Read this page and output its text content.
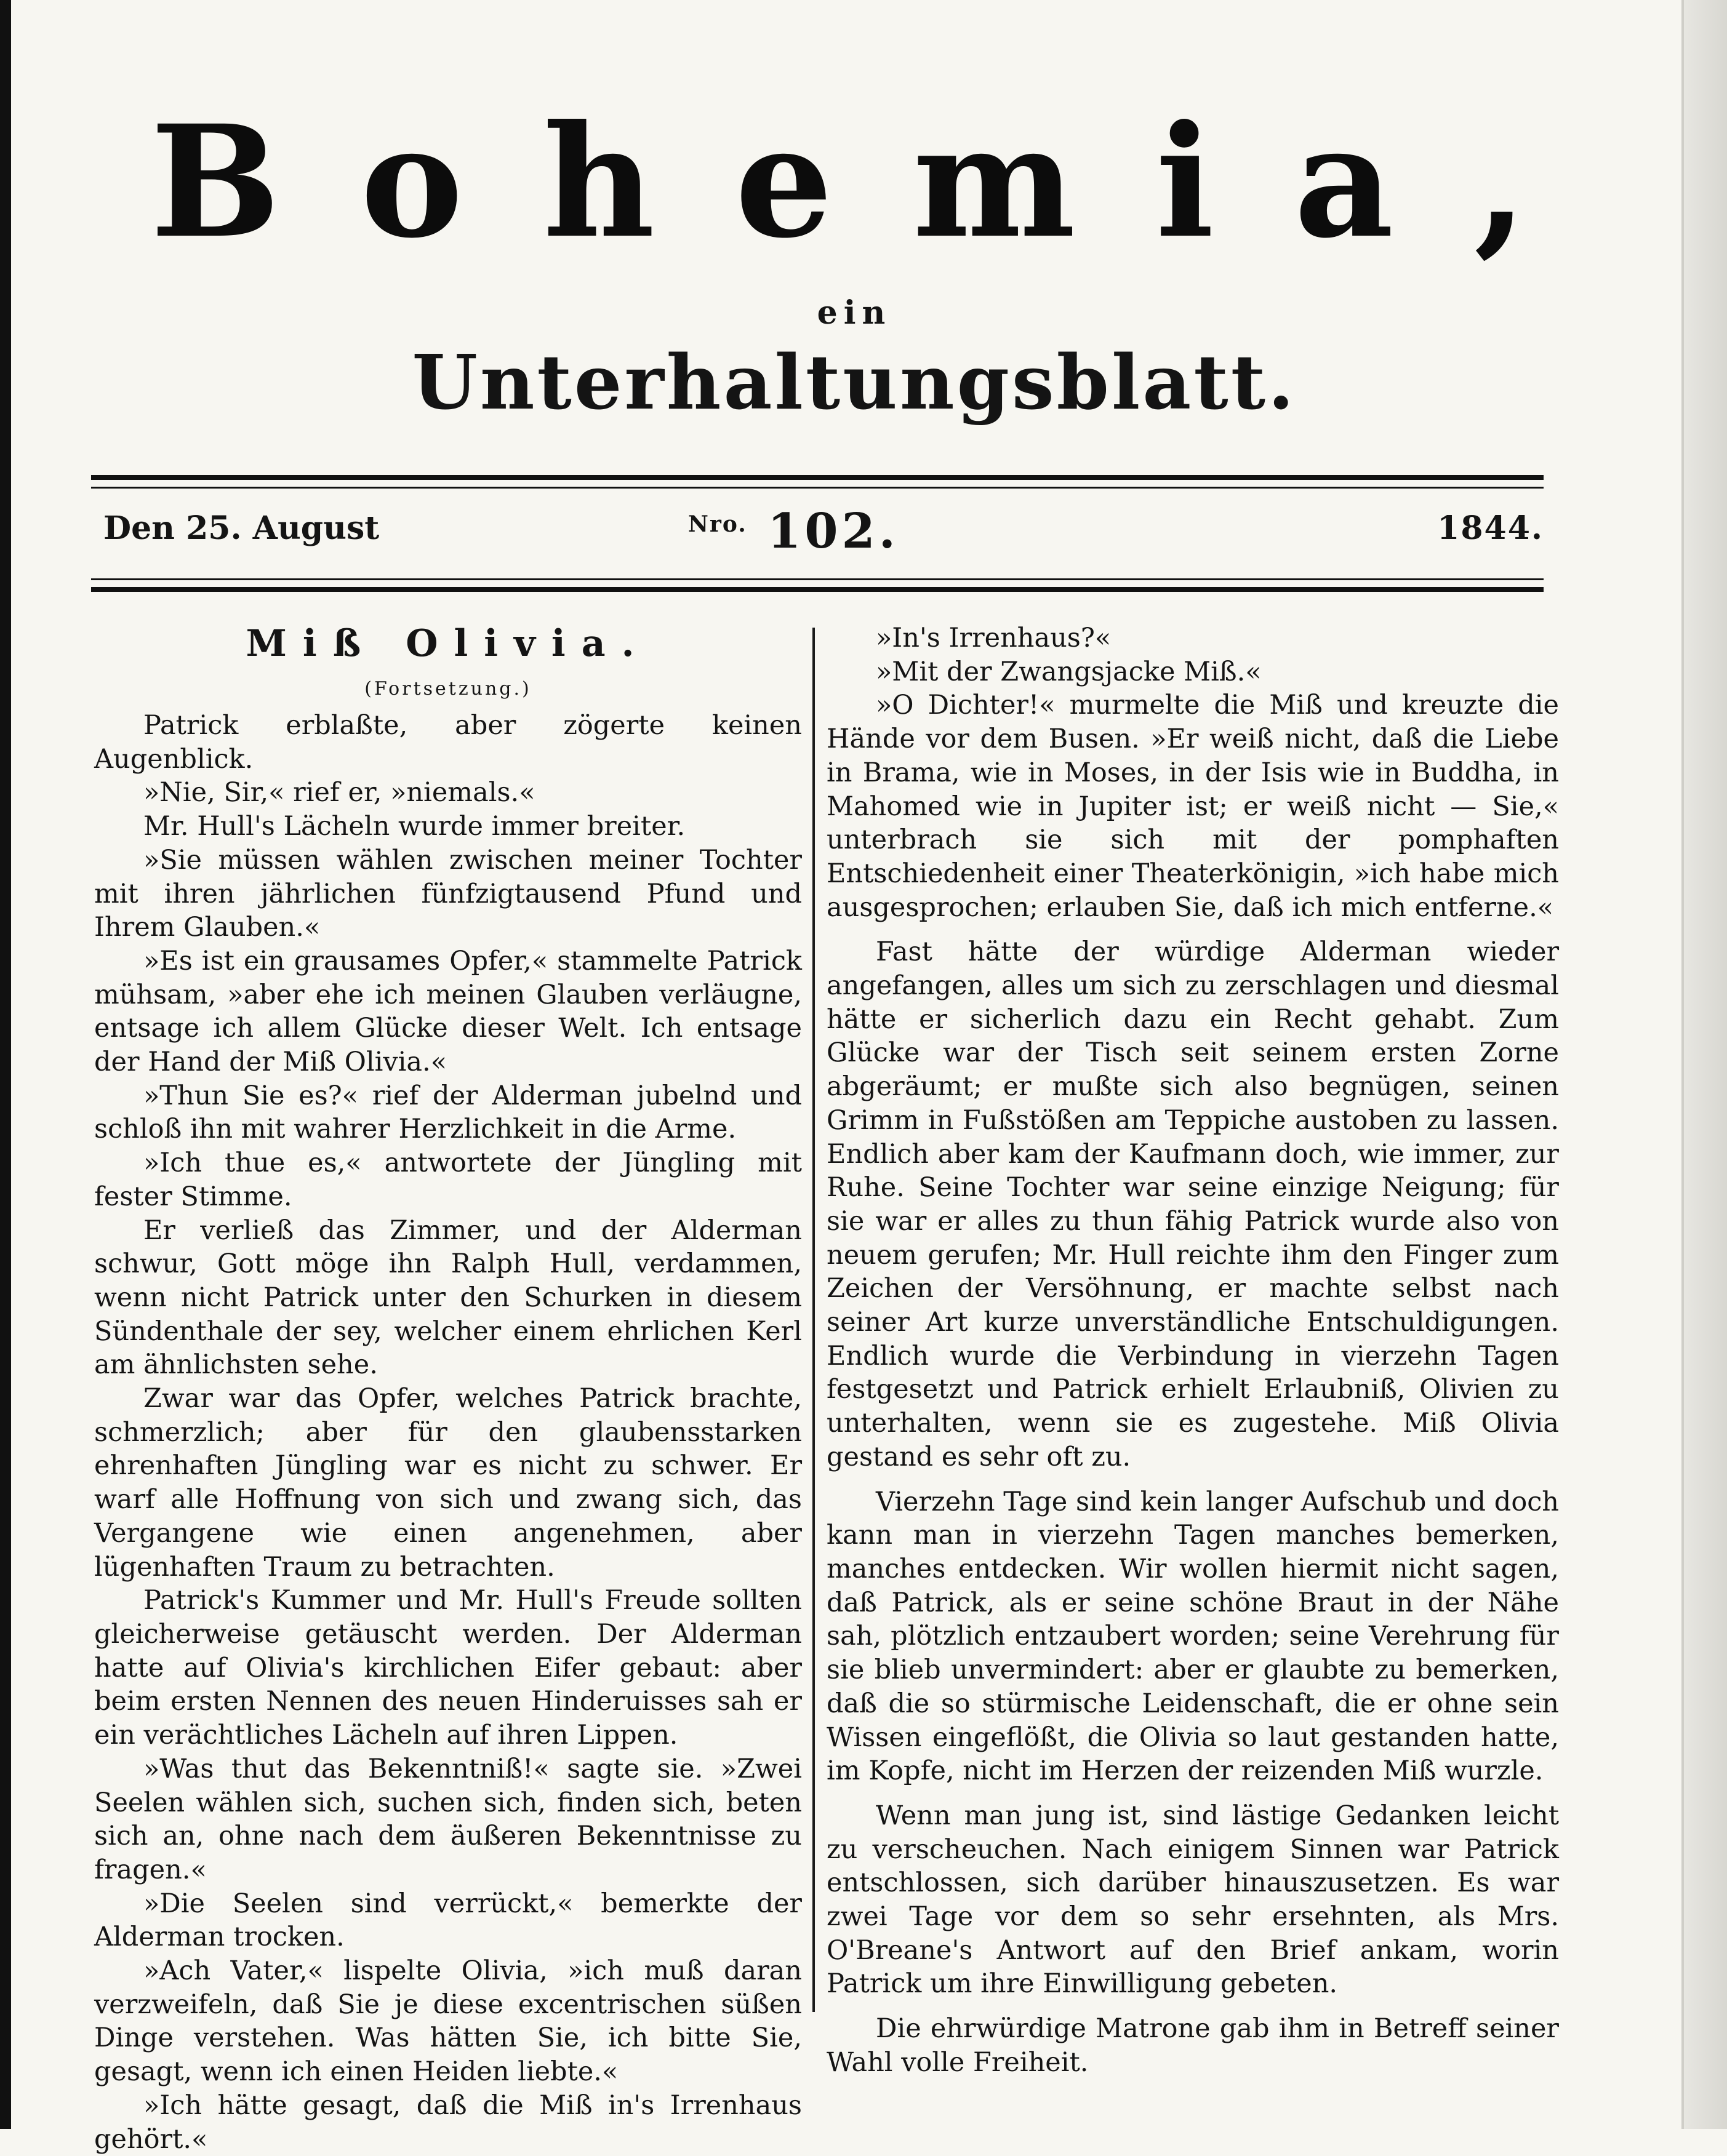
Bohemia,
ein
Unterhaltungsblatt.
Den 25. August	$^{Nro.}$ 102.	1844.
Miß Olivia.
(Fortsetzung.)

Patrick erblaßte, aber zögerte keinen Augenblick.

»Nie, Sir,« rief er, »niemals.«

Mr. Hull's Lächeln wurde immer breiter.

»Sie müssen wählen zwischen meiner Tochter mit ihren jährlichen fünfzigtausend Pfund und Ihrem Glauben.«

»Es ist ein grausames Opfer,« stammelte Patrick mühsam, »aber ehe ich meinen Glauben verläugne, entsage ich allem Glücke dieser Welt. Ich entsage der Hand der Miß Olivia.«

»Thun Sie es?« rief der Alderman jubelnd und schloß ihn mit wahrer Herzlichkeit in die Arme.

»Ich thue es,« antwortete der Jüngling mit fester Stimme.

Er verließ das Zimmer, und der Alderman schwur, Gott möge ihn Ralph Hull, verdammen, wenn nicht Patrick unter den Schurken in diesem Sündenthale der sey, welcher einem ehrlichen Kerl am ähnlichsten sehe.

Zwar war das Opfer, welches Patrick brachte, schmerzlich; aber für den glaubensstarken ehrenhaften Jüngling war es nicht zu schwer. Er warf alle Hoffnung von sich und zwang sich, das Vergangene wie einen angenehmen, aber lügenhaften Traum zu betrachten.

Patrick's Kummer und Mr. Hull's Freude sollten gleicherweise getäuscht werden. Der Alderman hatte auf Olivia's kirchlichen Eifer gebaut: aber beim ersten Nennen des neuen Hinderuisses sah er ein verächtliches Lächeln auf ihren Lippen.

»Was thut das Bekenntniß!« sagte sie. »Zwei Seelen wählen sich, suchen sich, finden sich, beten sich an, ohne nach dem äußeren Bekenntnisse zu fragen.«

»Die Seelen sind verrückt,« bemerkte der Alderman trocken.

»Ach Vater,« lispelte Olivia, »ich muß daran verzweifeln, daß Sie je diese excentrischen süßen Dinge verstehen. Was hätten Sie, ich bitte Sie, gesagt, wenn ich einen Heiden liebte.«

»Ich hätte gesagt, daß die Miß in's Irrenhaus gehört.«

»In's Irrenhaus?«

»Mit der Zwangsjacke Miß.«

»O Dichter!« murmelte die Miß und kreuzte die Hände vor dem Busen. »Er weiß nicht, daß die Liebe in Brama, wie in Moses, in der Isis wie in Buddha, in Mahomed wie in Jupiter ist; er weiß nicht — Sie,« unterbrach sie sich mit der pomphaften Entschiedenheit einer Theaterkönigin, »ich habe mich ausgesprochen; erlauben Sie, daß ich mich entferne.«

Fast hätte der würdige Alderman wieder angefangen, alles um sich zu zerschlagen und diesmal hätte er sicherlich dazu ein Recht gehabt. Zum Glücke war der Tisch seit seinem ersten Zorne abgeräumt; er mußte sich also begnügen, seinen Grimm in Fußstößen am Teppiche austoben zu lassen. Endlich aber kam der Kaufmann doch, wie immer, zur Ruhe. Seine Tochter war seine einzige Neigung; für sie war er alles zu thun fähig Patrick wurde also von neuem gerufen; Mr. Hull reichte ihm den Finger zum Zeichen der Versöhnung, er machte selbst nach seiner Art kurze unverständliche Entschuldigungen. Endlich wurde die Verbindung in vierzehn Tagen festgesetzt und Patrick erhielt Erlaubniß, Olivien zu unterhalten, wenn sie es zugestehe. Miß Olivia gestand es sehr oft zu.

Vierzehn Tage sind kein langer Aufschub und doch kann man in vierzehn Tagen manches bemerken, manches entdecken. Wir wollen hiermit nicht sagen, daß Patrick, als er seine schöne Braut in der Nähe sah, plötzlich entzaubert worden; seine Verehrung für sie blieb unvermindert: aber er glaubte zu bemerken, daß die so stürmische Leidenschaft, die er ohne sein Wissen eingeflößt, die Olivia so laut gestanden hatte, im Kopfe, nicht im Herzen der reizenden Miß wurzle.

Wenn man jung ist, sind lästige Gedanken leicht zu verscheuchen. Nach einigem Sinnen war Patrick entschlossen, sich darüber hinauszusetzen. Es war zwei Tage vor dem so sehr ersehnten, als Mrs. O'Breane's Antwort auf den Brief ankam, worin Patrick um ihre Einwilligung gebeten.

Die ehrwürdige Matrone gab ihm in Betreff seiner Wahl volle Freiheit.
